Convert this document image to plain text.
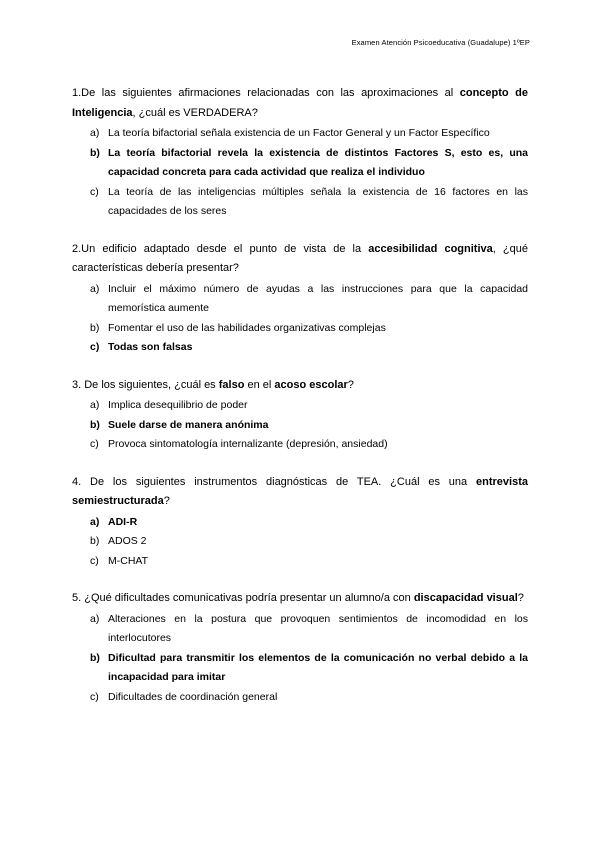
Examen Atención Psicoeducativa (Guadalupe) 1ºEP
1.De las siguientes afirmaciones relacionadas con las aproximaciones al concepto de Inteligencia, ¿cuál es VERDADERA?
a) La teoría bifactorial señala existencia de un Factor General y un Factor Específico
b) La teoría bifactorial revela la existencia de distintos Factores S, esto es, una capacidad concreta para cada actividad que realiza el individuo
c) La teoría de las inteligencias múltiples señala la existencia de 16 factores en las capacidades de los seres
2.Un edificio adaptado desde el punto de vista de la accesibilidad cognitiva, ¿qué características debería presentar?
a) Incluir el máximo número de ayudas a las instrucciones para que la capacidad memorística aumente
b) Fomentar el uso de las habilidades organizativas complejas
c) Todas son falsas
3. De los siguientes, ¿cuál es falso en el acoso escolar?
a) Implica desequilibrio de poder
b) Suele darse de manera anónima
c) Provoca sintomatología internalizante (depresión, ansiedad)
4. De los siguientes instrumentos diagnósticas de TEA. ¿Cuál es una entrevista semiestructurada?
a) ADI-R
b) ADOS 2
c) M-CHAT
5. ¿Qué dificultades comunicativas podría presentar un alumno/a con discapacidad visual?
a) Alteraciones en la postura que provoquen sentimientos de incomodidad en los interlocutores
b) Dificultad para transmitir los elementos de la comunicación no verbal debido a la incapacidad para imitar
c) Dificultades de coordinación general
